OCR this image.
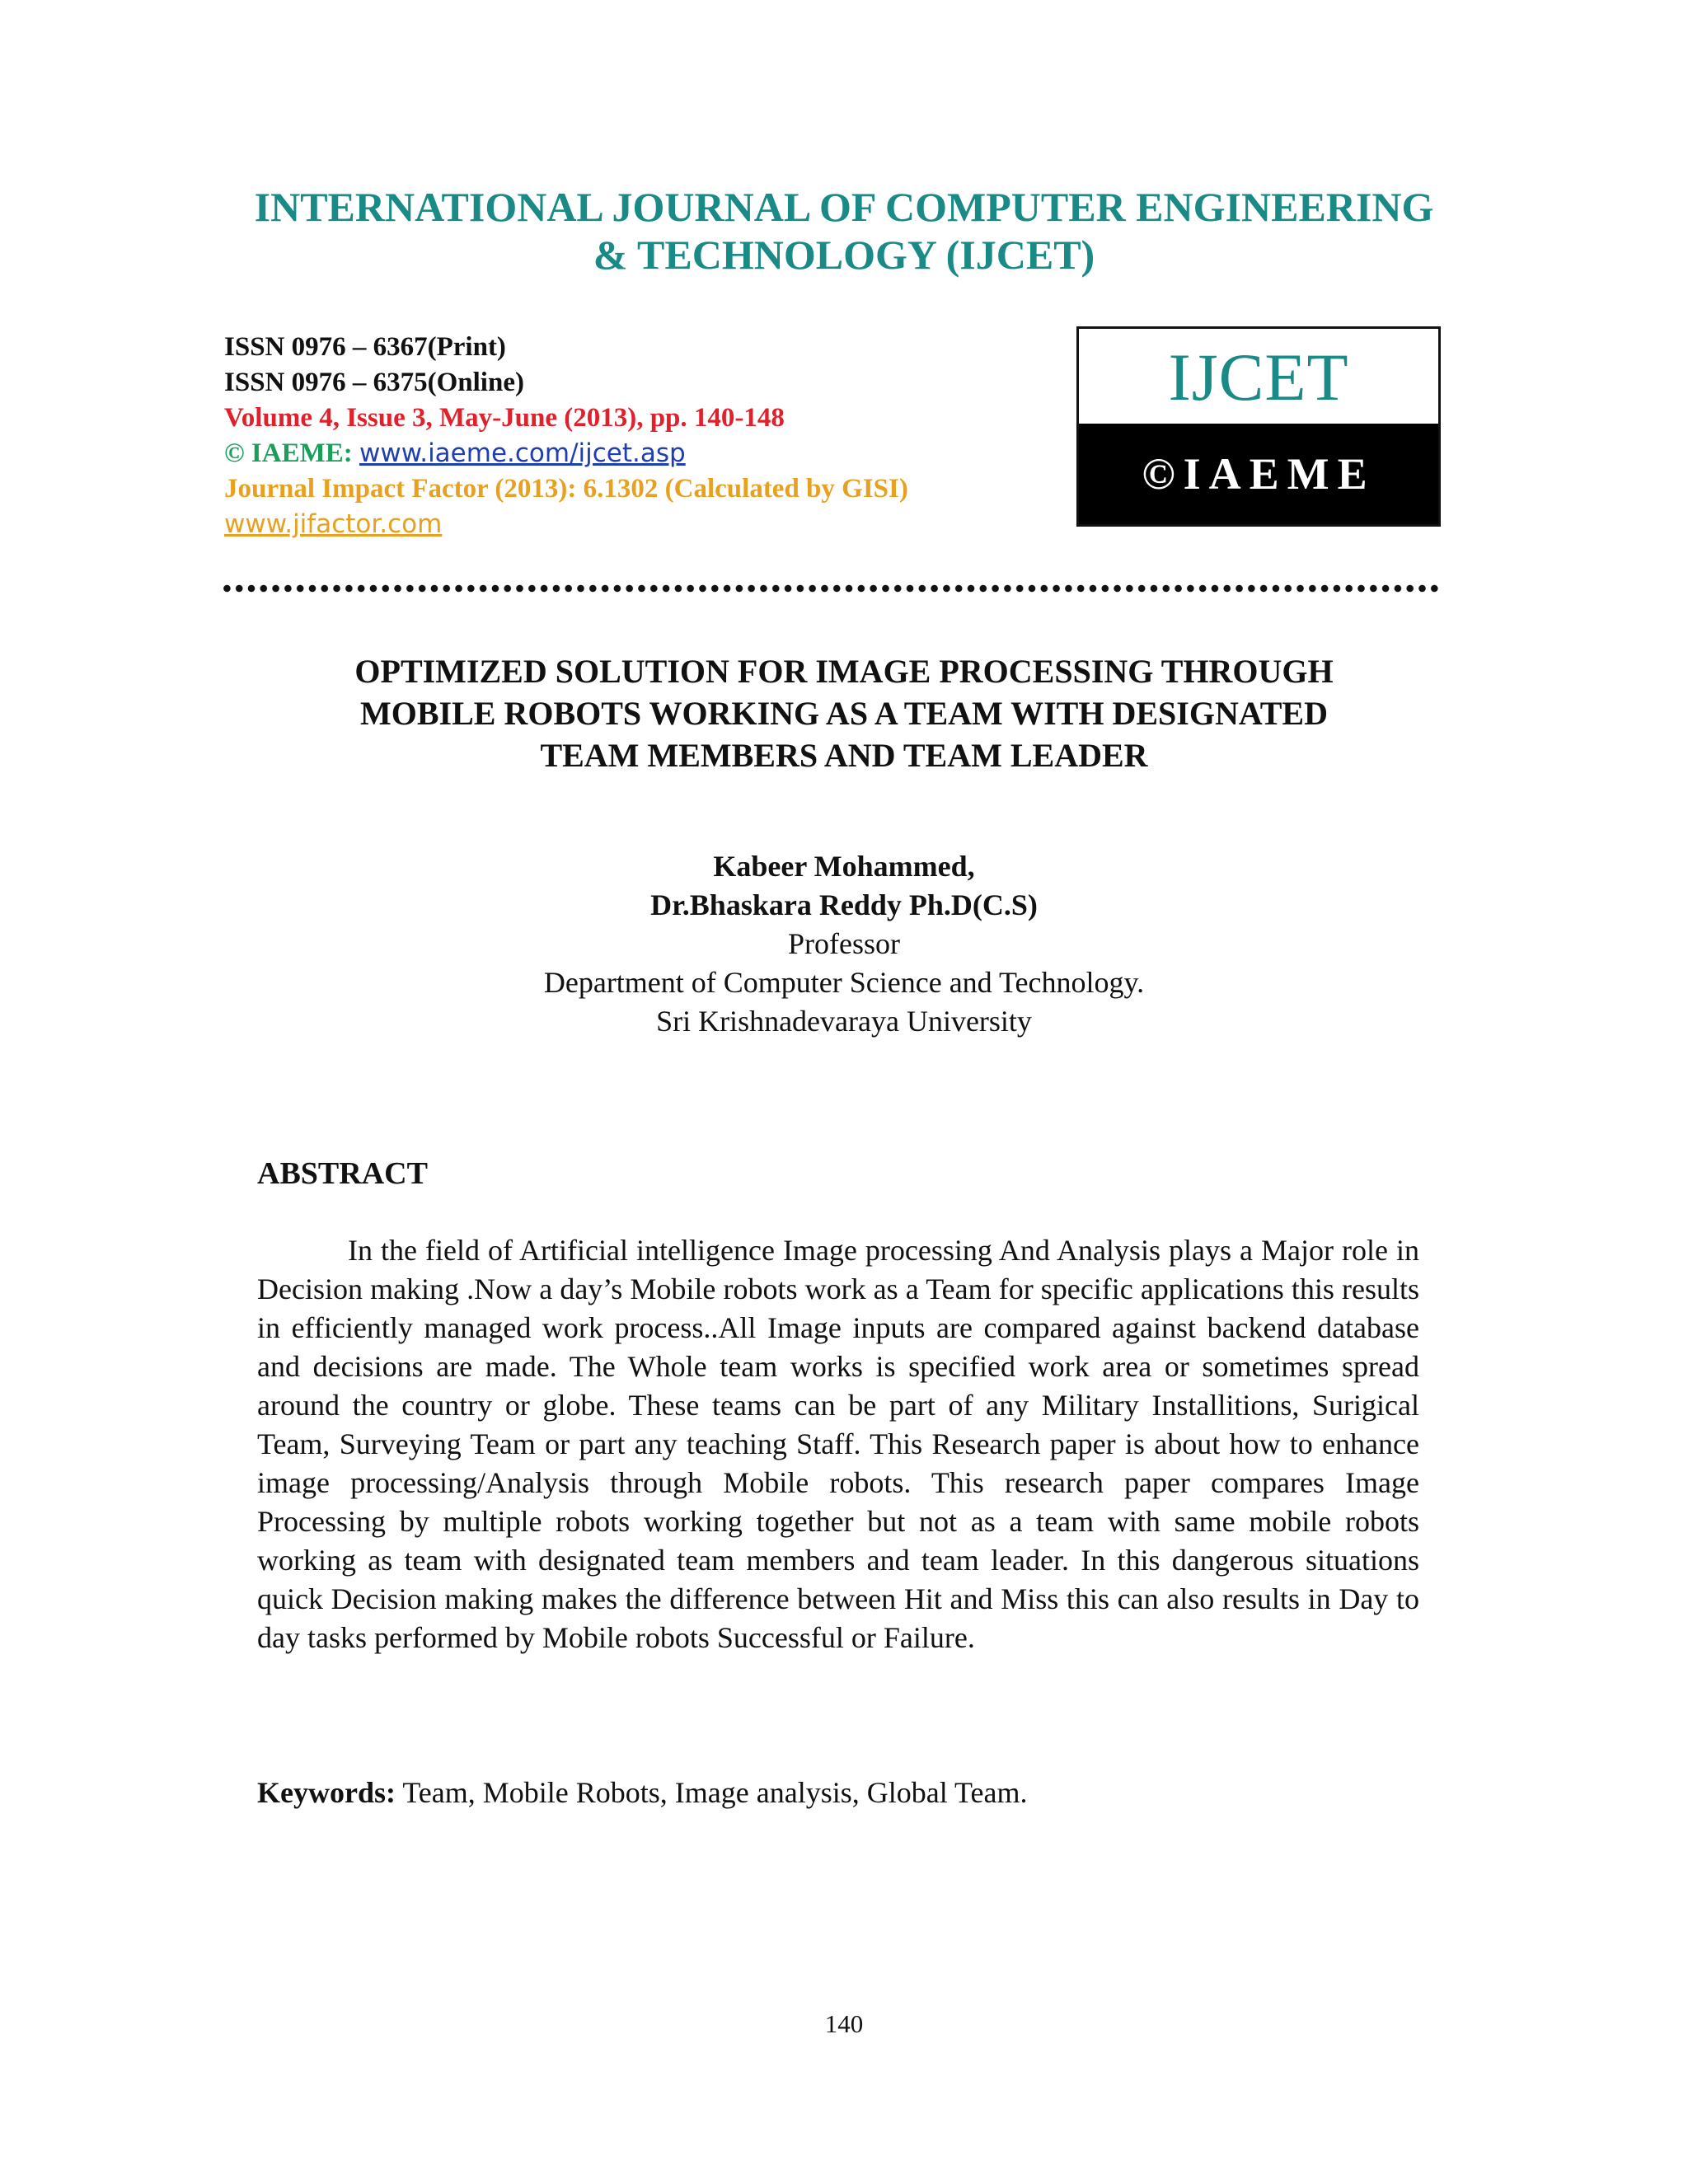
INTERNATIONAL JOURNAL OF COMPUTER ENGINEERING
& TECHNOLOGY (IJCET)
ISSN 0976 – 6367(Print)
ISSN 0976 – 6375(Online)
Volume 4, Issue 3, May-June (2013), pp. 140-148
© IAEME: www.iaeme.com/ijcet.asp
Journal Impact Factor (2013): 6.1302 (Calculated by GISI)
www.jifactor.com
IJCET
©IAEME
OPTIMIZED SOLUTION FOR IMAGE PROCESSING THROUGH
MOBILE ROBOTS WORKING AS A TEAM WITH DESIGNATED
TEAM MEMBERS AND TEAM LEADER
Kabeer Mohammed,
Dr.Bhaskara Reddy Ph.D(C.S)
Professor
Department of Computer Science and Technology.
Sri Krishnadevaraya University
ABSTRACT

In the field of Artificial intelligence Image processing And Analysis plays a Major role in Decision making .Now a day’s Mobile robots work as a Team for specific applications this results in efficiently managed work process..All Image inputs are compared against backend database and decisions are made. The Whole team works is specified work area or sometimes spread around the country or globe. These teams can be part of any Military Installitions, Surigical Team, Surveying Team or part any teaching Staff. This Research paper is about how to enhance image processing/Analysis through Mobile robots. This research paper compares Image Processing by multiple robots working together but not as a team with same mobile robots working as team with designated team members and team leader. In this dangerous situations quick Decision making makes the difference between Hit and Miss this can also results in Day to day tasks performed by Mobile robots Successful or Failure.

Keywords: Team, Mobile Robots, Image analysis, Global Team.
140
